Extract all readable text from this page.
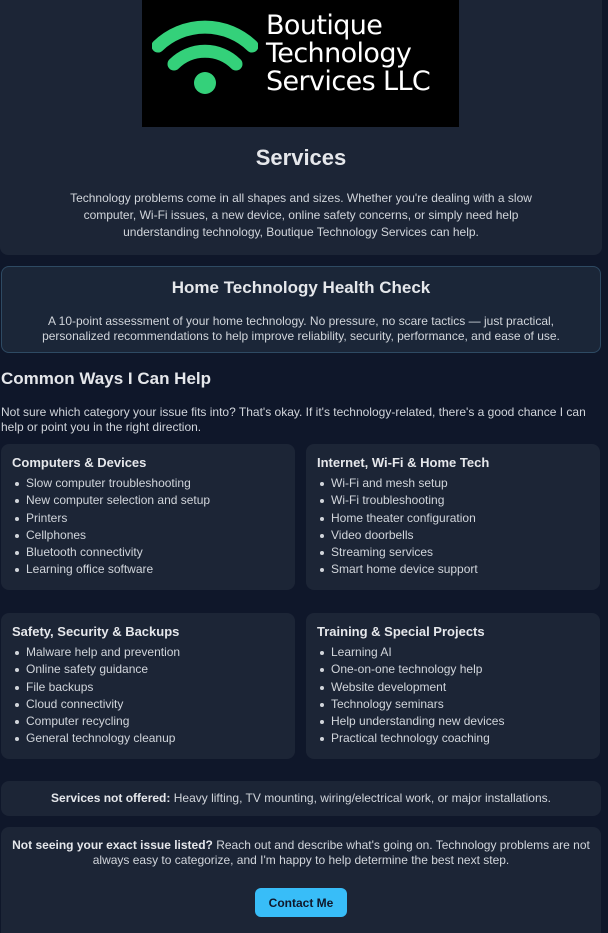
Boutique
Technology
Services LLC
Services

Technology problems come in all shapes and sizes. Whether you're dealing with a slow computer, Wi-Fi issues, a new device, online safety concerns, or simply need help understanding technology, Boutique Technology Services can help.

Home Technology Health Check

A 10-point assessment of your home technology. No pressure, no scare tactics — just practical, personalized recommendations to help improve reliability, security, performance, and ease of use.

Common Ways I Can Help

Not sure which category your issue fits into? That's okay. If it's technology-related, there's a good chance I can help or point you in the right direction.

Computers & Devices
Slow computer troubleshooting
New computer selection and setup
Printers
Cellphones
Bluetooth connectivity
Learning office software
Internet, Wi-Fi & Home Tech
Wi-Fi and mesh setup
Wi-Fi troubleshooting
Home theater configuration
Video doorbells
Streaming services
Smart home device support
Safety, Security & Backups
Malware help and prevention
Online safety guidance
File backups
Cloud connectivity
Computer recycling
General technology cleanup
Training & Special Projects
Learning AI
One-on-one technology help
Website development
Technology seminars
Help understanding new devices
Practical technology coaching
Services not offered: Heavy lifting, TV mounting, wiring/electrical work, or major installations.

Not seeing your exact issue listed? Reach out and describe what's going on. Technology problems are not always easy to categorize, and I'm happy to help determine the best next step.

Contact Me
